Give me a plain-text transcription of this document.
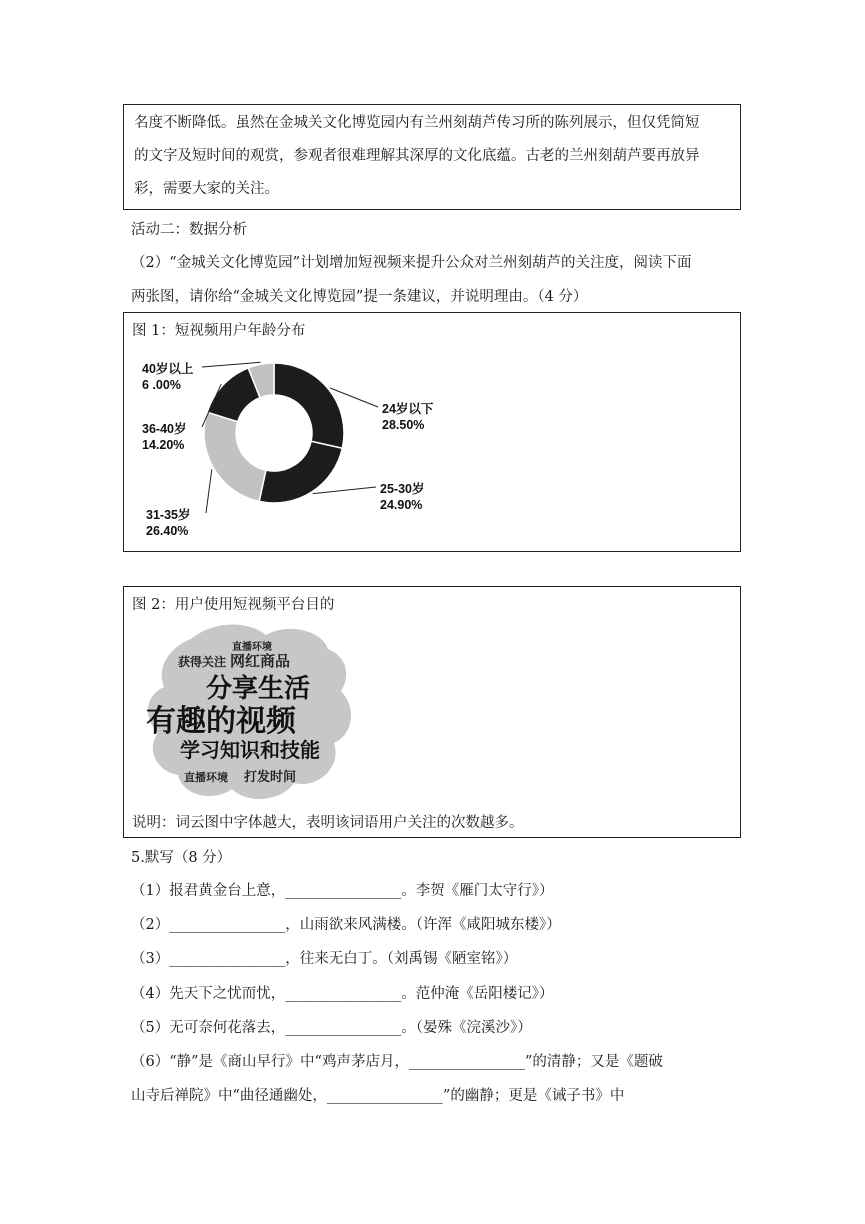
名度不断降低。虽然在金城关文化博览园内有兰州刻葫芦传习所的陈列展示，但仅凭简短
的文字及短时间的观赏，参观者很难理解其深厚的文化底蕴。古老的兰州刻葫芦要再放异
彩，需要大家的关注。
活动二：数据分析
（2）“金城关文化博览园”计划增加短视频来提升公众对兰州刻葫芦的关注度，阅读下面
两张图，请你给“金城关文化博览园”提一条建议，并说明理由。（4 分）
图 1：短视频用户年龄分布
24岁以下
28.50%
25-30岁
24.90%
31-35岁
26.40%
36-40岁
14.20%
40岁以上
6 .00%
图 2：用户使用短视频平台目的
直播环境
获得关注 网红商品
分享生活
有趣的视频
学习知识和技能
直播环境 打发时间
说明：词云图中字体越大，表明该词语用户关注的次数越多。
5.默写（8 分）
（1）报君黄金台上意，________________。李贺《雁门太守行》）
（2）________________，山雨欲来风满楼。（许浑《咸阳城东楼》）
（3）________________，往来无白丁。（刘禹锡《陋室铭》）
（4）先天下之忧而忧，________________。范仲淹《岳阳楼记》）
（5）无可奈何花落去，________________。（晏殊《浣溪沙》）
（6）“静”是《商山早行》中“鸡声茅店月，________________”的清静；又是《题破
山寺后禅院》中“曲径通幽处，________________”的幽静；更是《诫子书》中
